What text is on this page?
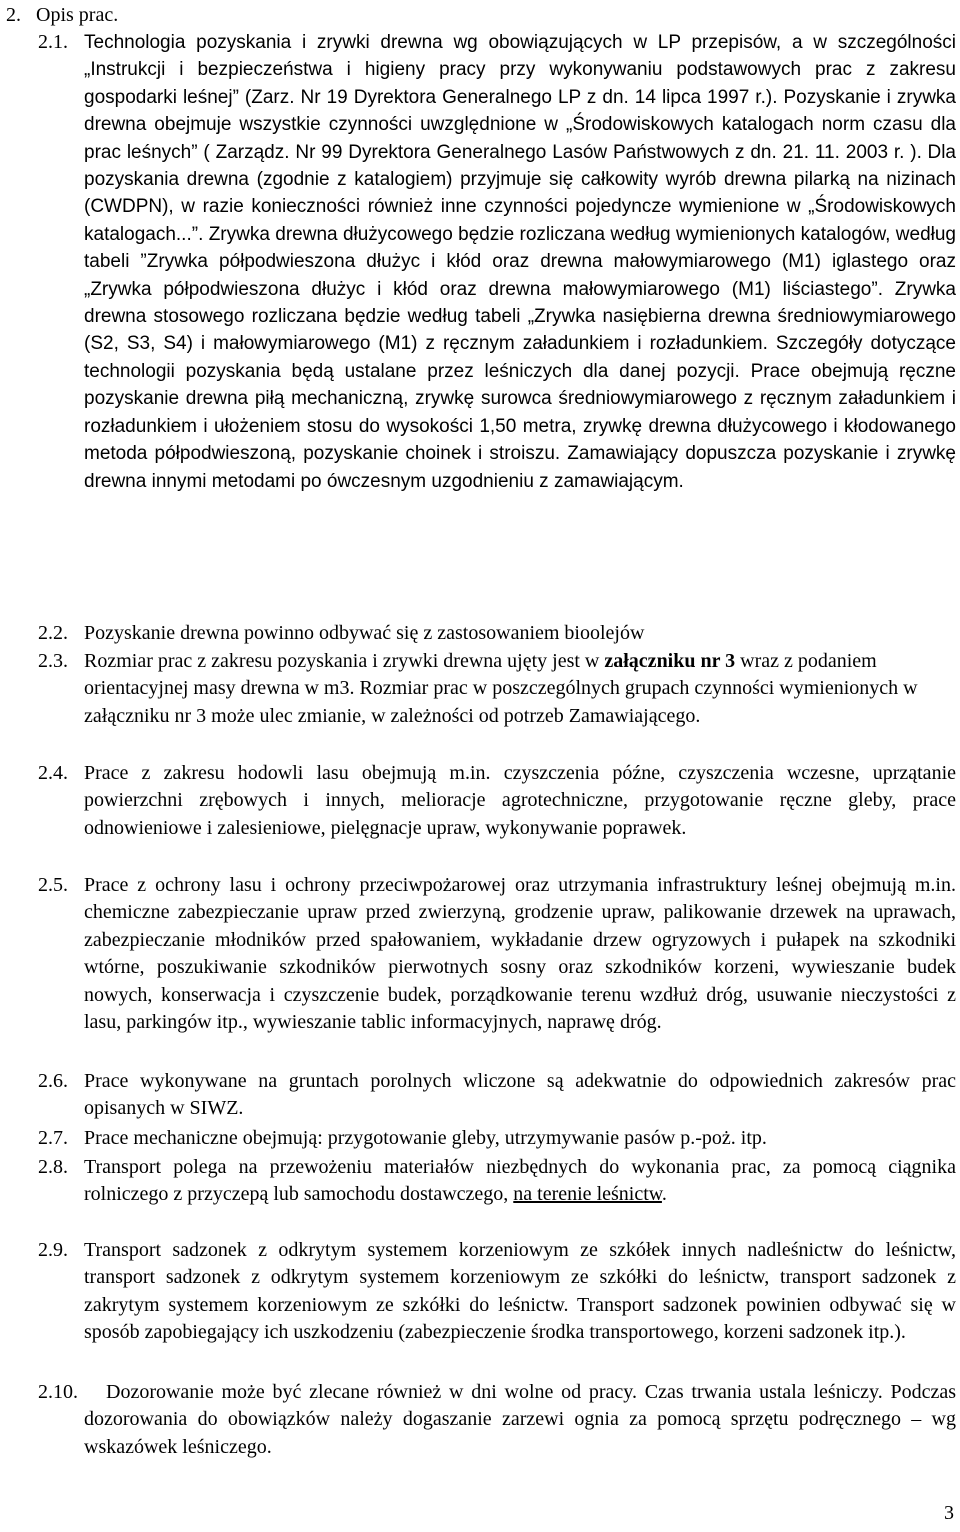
2. Opis prac.
2.1. Technologia pozyskania i zrywki drewna wg obowiązujących w LP przepisów, a w szczególności „Instrukcji i bezpieczeństwa i higieny pracy przy wykonywaniu podstawowych prac z zakresu gospodarki leśnej” (Zarz. Nr 19 Dyrektora Generalnego LP z dn. 14 lipca 1997 r.). Pozyskanie i zrywka drewna obejmuje wszystkie czynności uwzględnione w „Środowiskowych katalogach norm czasu dla prac leśnych” ( Zarządz. Nr 99 Dyrektora Generalnego Lasów Państwowych z dn. 21. 11. 2003 r. ). Dla pozyskania drewna (zgodnie z katalogiem) przyjmuje się całkowity wyrób drewna pilarką na nizinach (CWDPN), w razie konieczności również inne czynności pojedyncze wymienione w „Środowiskowych katalogach...”. Zrywka drewna dłużycowego będzie rozliczana według wymienionych katalogów, według tabeli ”Zrywka półpodwieszona dłużyc i kłód oraz drewna małowymiarowego (M1) iglastego oraz „Zrywka półpodwieszona dłużyc i kłód oraz drewna małowymiarowego (M1) liściastego”. Zrywka drewna stosowego rozliczana będzie według tabeli „Zrywka nasiębierna drewna średniowymiarowego (S2, S3, S4) i małowymiarowego (M1) z ręcznym załadunkiem i rozładunkiem. Szczegóły dotyczące technologii pozyskania będą ustalane przez leśniczych dla danej pozycji. Prace obejmują ręczne pozyskanie drewna piłą mechaniczną, zrywkę surowca średniowymiarowego z ręcznym załadunkiem i rozładunkiem i ułożeniem stosu do wysokości 1,50 metra, zrywkę drewna dłużycowego i kłodowanego metoda półpodwieszoną, pozyskanie choinek i stroiszu. Zamawiający dopuszcza pozyskanie i zrywkę drewna innymi metodami po ówczesnym uzgodnieniu z zamawiającym.
2.2. Pozyskanie drewna powinno odbywać się z zastosowaniem bioolejów
2.3. Rozmiar prac z zakresu pozyskania i zrywki drewna ujęty jest w załączniku nr 3 wraz z podaniem orientacyjnej masy drewna w m3. Rozmiar prac w poszczególnych grupach czynności wymienionych w załączniku nr 3 może ulec zmianie, w zależności od potrzeb Zamawiającego.
2.4. Prace z zakresu hodowli lasu obejmują m.in. czyszczenia późne, czyszczenia wczesne, uprzątanie powierzchni zrębowych i innych, melioracje agrotechniczne, przygotowanie ręczne gleby, prace odnowieniowe i zalesieniowe, pielęgnacje upraw, wykonywanie poprawek.
2.5. Prace z ochrony lasu i ochrony przeciwpożarowej oraz utrzymania infrastruktury leśnej obejmują m.in. chemiczne zabezpieczanie upraw przed zwierzyną, grodzenie upraw, palikowanie drzewek na uprawach, zabezpieczanie młodników przed spałowaniem, wykładanie drzew ogryzowych i pułapek na szkodniki wtórne, poszukiwanie szkodników pierwotnych sosny oraz szkodników korzeni, wywieszanie budek nowych, konserwacja i czyszczenie budek, porządkowanie terenu wzdłuż dróg, usuwanie nieczystości z lasu, parkingów itp., wywieszanie tablic informacyjnych, naprawę dróg.
2.6. Prace wykonywane na gruntach porolnych wliczone są adekwatnie do odpowiednich zakresów prac opisanych w SIWZ.
2.7. Prace mechaniczne obejmują: przygotowanie gleby, utrzymywanie pasów p.-poż. itp.
2.8. Transport polega na przewożeniu materiałów niezbędnych do wykonania prac, za pomocą ciągnika rolniczego z przyczepą lub samochodu dostawczego, na terenie leśnictw.
2.9. Transport sadzonek z odkrytym systemem korzeniowym ze szkółek innych nadleśnictw do leśnictw, transport sadzonek z odkrytym systemem korzeniowym ze szkółki do leśnictw, transport sadzonek z zakrytym systemem korzeniowym ze szkółki do leśnictw. Transport sadzonek powinien odbywać się w sposób zapobiegający ich uszkodzeniu (zabezpieczenie środka transportowego, korzeni sadzonek itp.).
2.10.	Dozorowanie może być zlecane również w dni wolne od pracy. Czas trwania ustala leśniczy. Podczas dozorowania do obowiązków należy dogaszanie zarzewi ognia za pomocą sprzętu podręcznego – wg wskazówek leśniczego.
3
